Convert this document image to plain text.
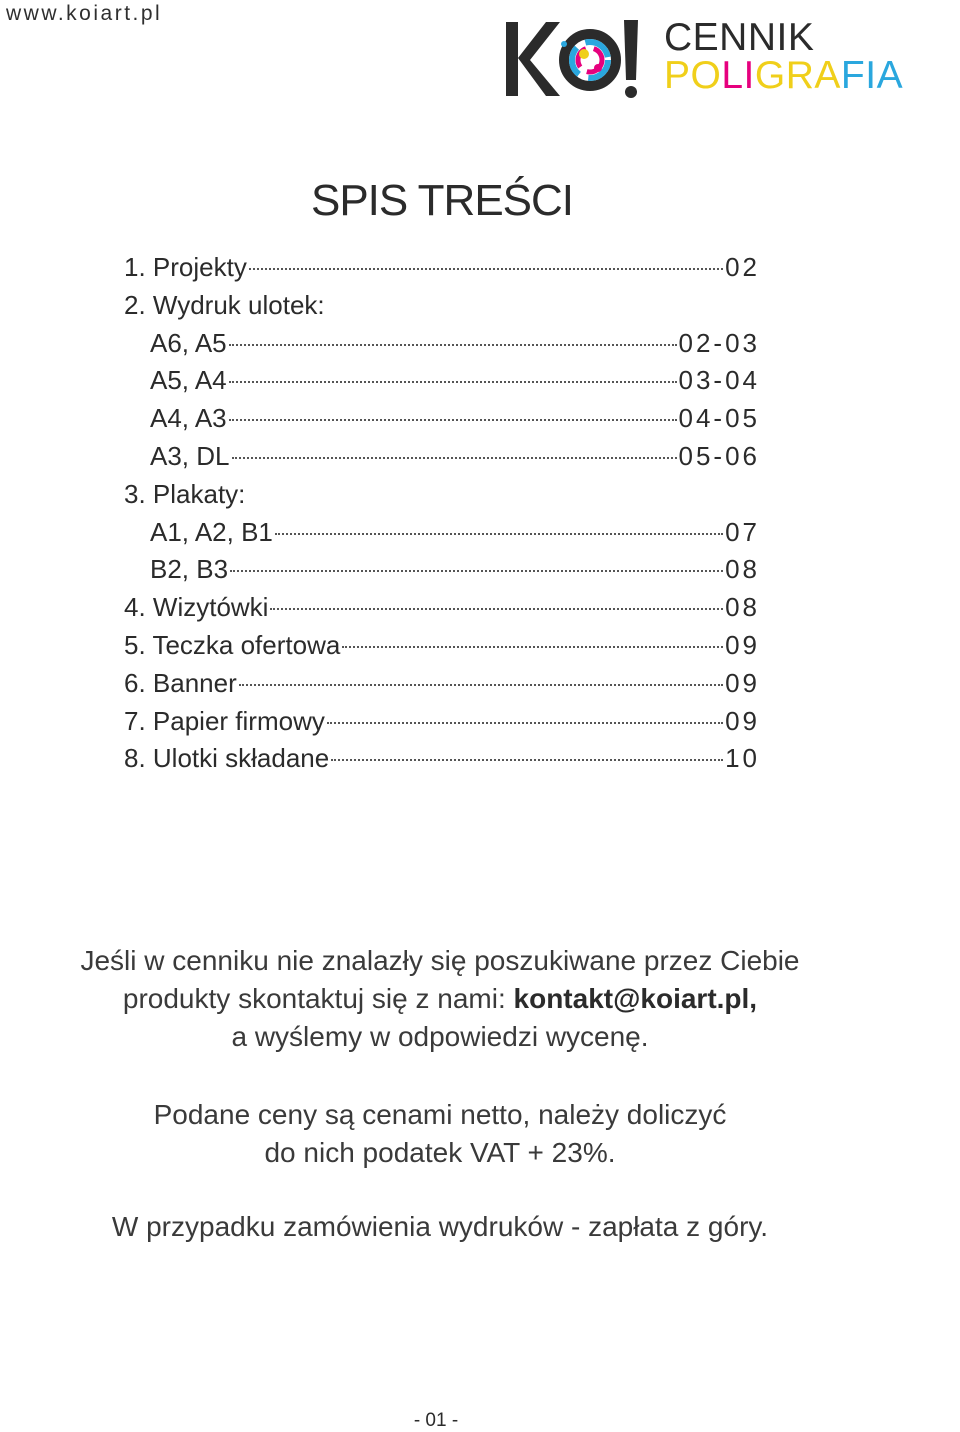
www.koiart.pl
CENNIK
POLIGRAFIA
SPIS TREŚCI
1. Projekty	02
2. Wydruk ulotek:
A6, A5	02-03
A5, A4	03-04
A4, A3	04-05
A3, DL	05-06
3. Plakaty:
A1, A2, B1	07
B2, B3	08
4. Wizytówki	08
5. Teczka ofertowa	09
6. Banner	09
7. Papier firmowy	09
8. Ulotki składane	10

Jeśli w cenniku nie znalazły się poszukiwane przez Ciebie
produkty skontaktuj się z nami: kontakt@koiart.pl,
a wyślemy w odpowiedzi wycenę.

Podane ceny są cenami netto, należy doliczyć
do nich podatek VAT + 23%.

W przypadku zamówienia wydruków - zapłata z góry.

- 01 -
